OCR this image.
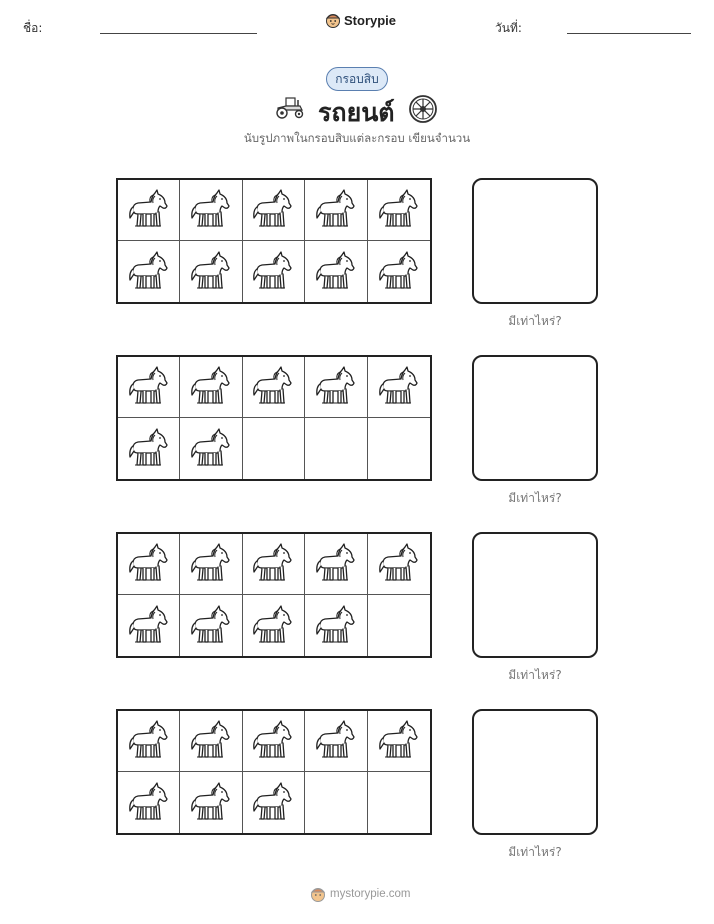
ชื่อ:
Storypie
วันที่:
กรอบสิบ
รถยนต์
นับรูปภาพในกรอบสิบแต่ละกรอบ เขียนจำนวน
มีเท่าไหร่?
มีเท่าไหร่?
มีเท่าไหร่?
มีเท่าไหร่?
mystorypie.com
